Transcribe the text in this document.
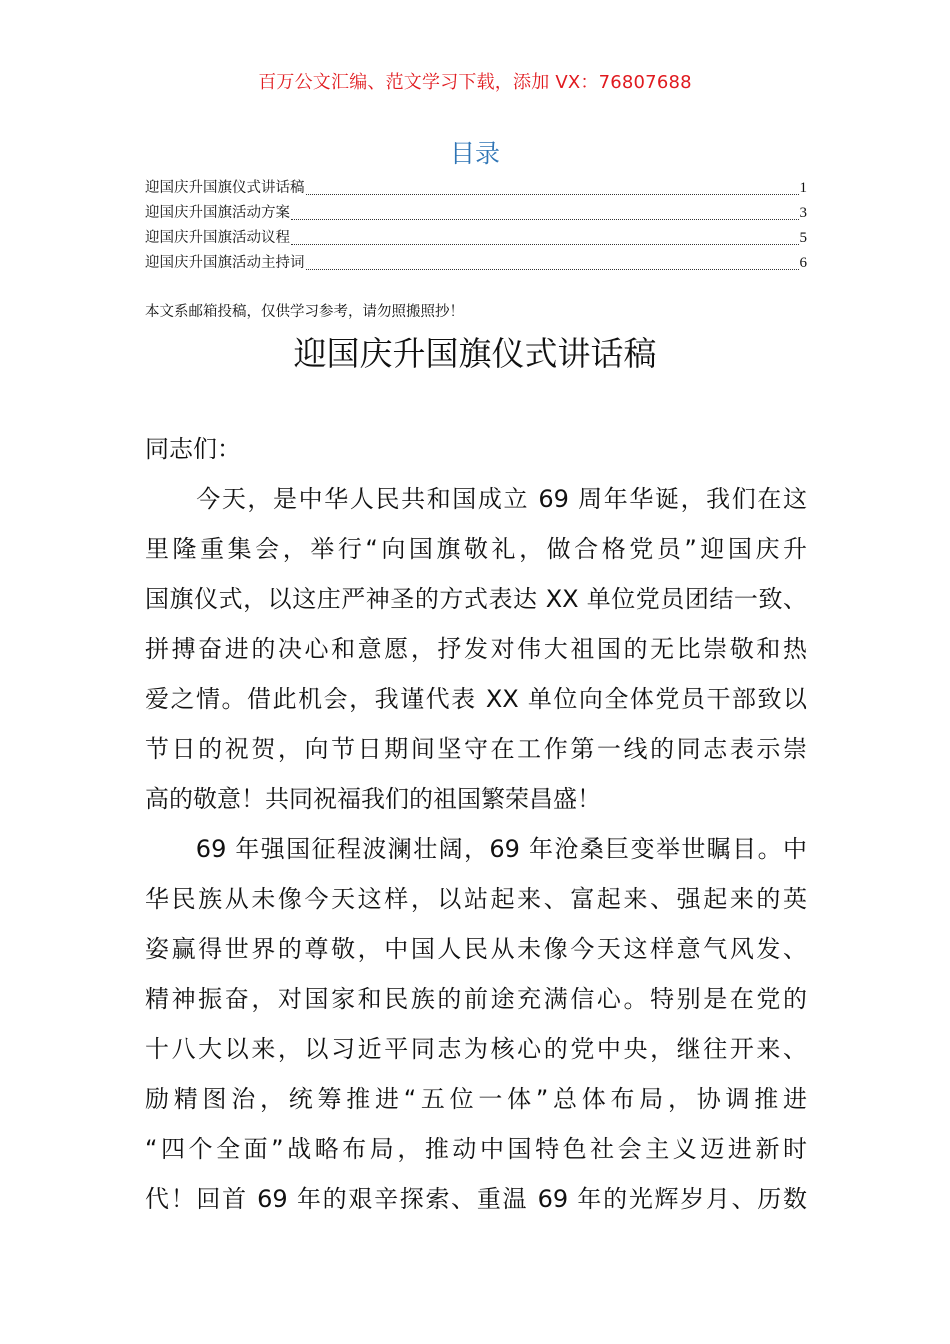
百万公文汇编、范文学习下载，添加 VX：76807688
目录
迎国庆升国旗仪式讲话稿	1
迎国庆升国旗活动方案	3
迎国庆升国旗活动议程	5
迎国庆升国旗活动主持词	6
本文系邮箱投稿，仅供学习参考，请勿照搬照抄！
迎国庆升国旗仪式讲话稿
同志们：
　　今天，是中华人民共和国成立 69 周年华诞，我们在这
里隆重集会，举行“向国旗敬礼，做合格党员”迎国庆升
国旗仪式，以这庄严神圣的方式表达 XX 单位党员团结一致、
拼搏奋进的决心和意愿，抒发对伟大祖国的无比崇敬和热
爱之情。借此机会，我谨代表 XX 单位向全体党员干部致以
节日的祝贺，向节日期间坚守在工作第一线的同志表示崇
高的敬意！共同祝福我们的祖国繁荣昌盛！
　　69 年强国征程波澜壮阔，69 年沧桑巨变举世瞩目。中
华民族从未像今天这样，以站起来、富起来、强起来的英
姿赢得世界的尊敬，中国人民从未像今天这样意气风发、
精神振奋，对国家和民族的前途充满信心。特别是在党的
十八大以来，以习近平同志为核心的党中央，继往开来、
励精图治，统筹推进“五位一体”总体布局，协调推进
“四个全面”战略布局，推动中国特色社会主义迈进新时
代！回首 69 年的艰辛探索、重温 69 年的光辉岁月、历数
